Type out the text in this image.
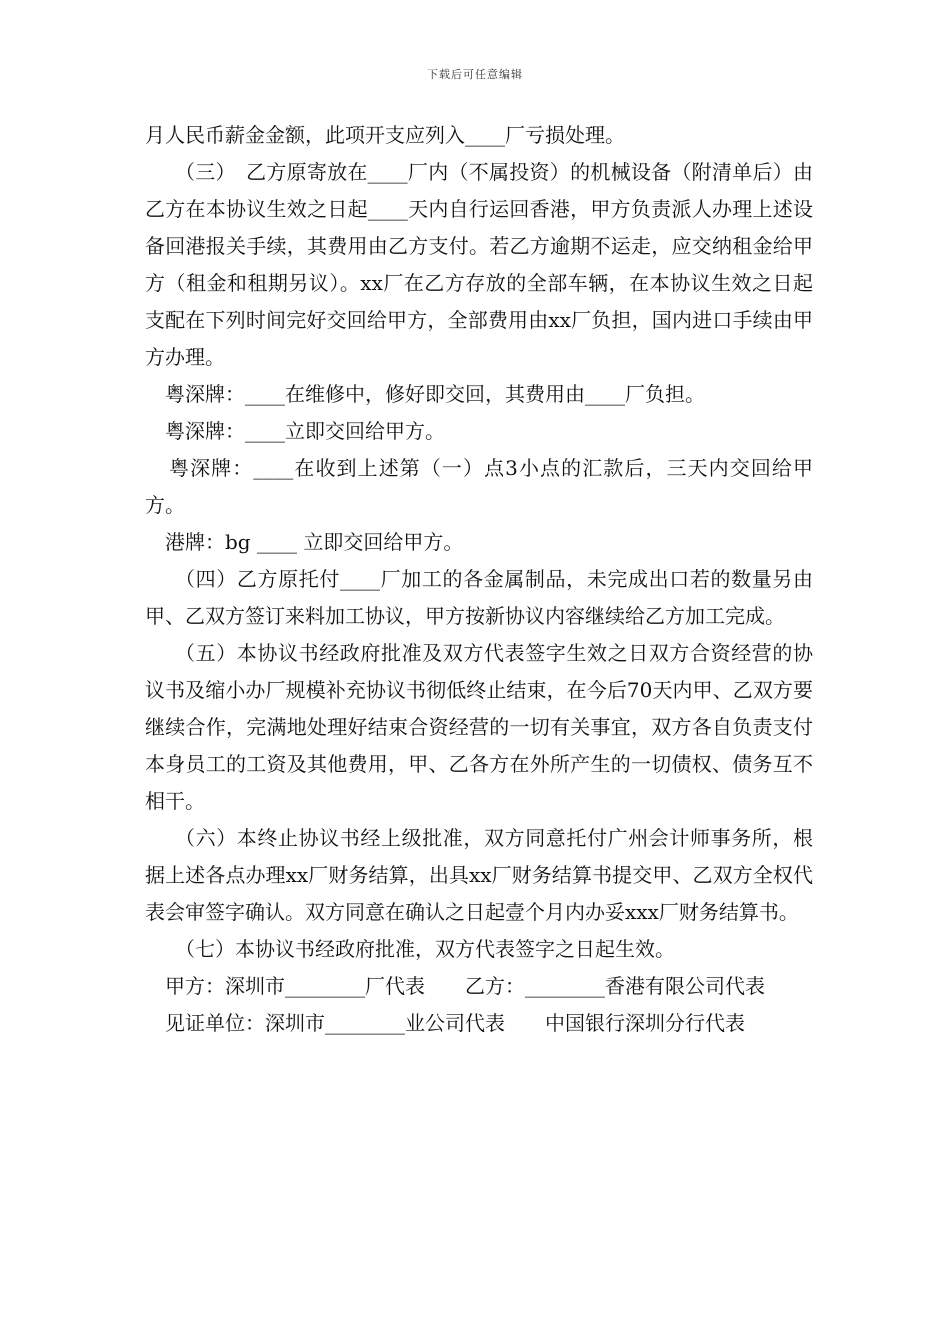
下载后可任意编辑

月人民币薪金金额，此项开支应列入____厂亏损处理。

（三）　乙方原寄放在____厂内（不属投资）的机械设备（附清单后）由乙方在本协议生效之日起____天内自行运回香港，甲方负责派人办理上述设备回港报关手续，其费用由乙方支付。若乙方逾期不运走，应交纳租金给甲方（租金和租期另议）。xx厂在乙方存放的全部车辆，在本协议生效之日起支配在下列时间完好交回给甲方，全部费用由xx厂负担，国内进口手续由甲方办理。

粤深牌：____在维修中，修好即交回，其费用由____厂负担。

粤深牌：____立即交回给甲方。

粤深牌：____在收到上述第（一）点3小点的汇款后，三天内交回给甲方。

港牌：bg ____ 立即交回给甲方。

（四）乙方原托付____厂加工的各金属制品，未完成出口若的数量另由甲、乙双方签订来料加工协议，甲方按新协议内容继续给乙方加工完成。

（五）本协议书经政府批准及双方代表签字生效之日双方合资经营的协议书及缩小办厂规模补充协议书彻低终止结束，在今后70天内甲、乙双方要继续合作，完满地处理好结束合资经营的一切有关事宜，双方各自负责支付本身员工的工资及其他费用，甲、乙各方在外所产生的一切债权、债务互不相干。

（六）本终止协议书经上级批准，双方同意托付广州会计师事务所，根据上述各点办理xx厂财务结算，出具xx厂财务结算书提交甲、乙双方全权代表会审签字确认。双方同意在确认之日起壹个月内办妥xxx厂财务结算书。

（七）本协议书经政府批准，双方代表签字之日起生效。

甲方：深圳市________厂代表　　乙方：________香港有限公司代表

见证单位：深圳市________业公司代表　　中国银行深圳分行代表
